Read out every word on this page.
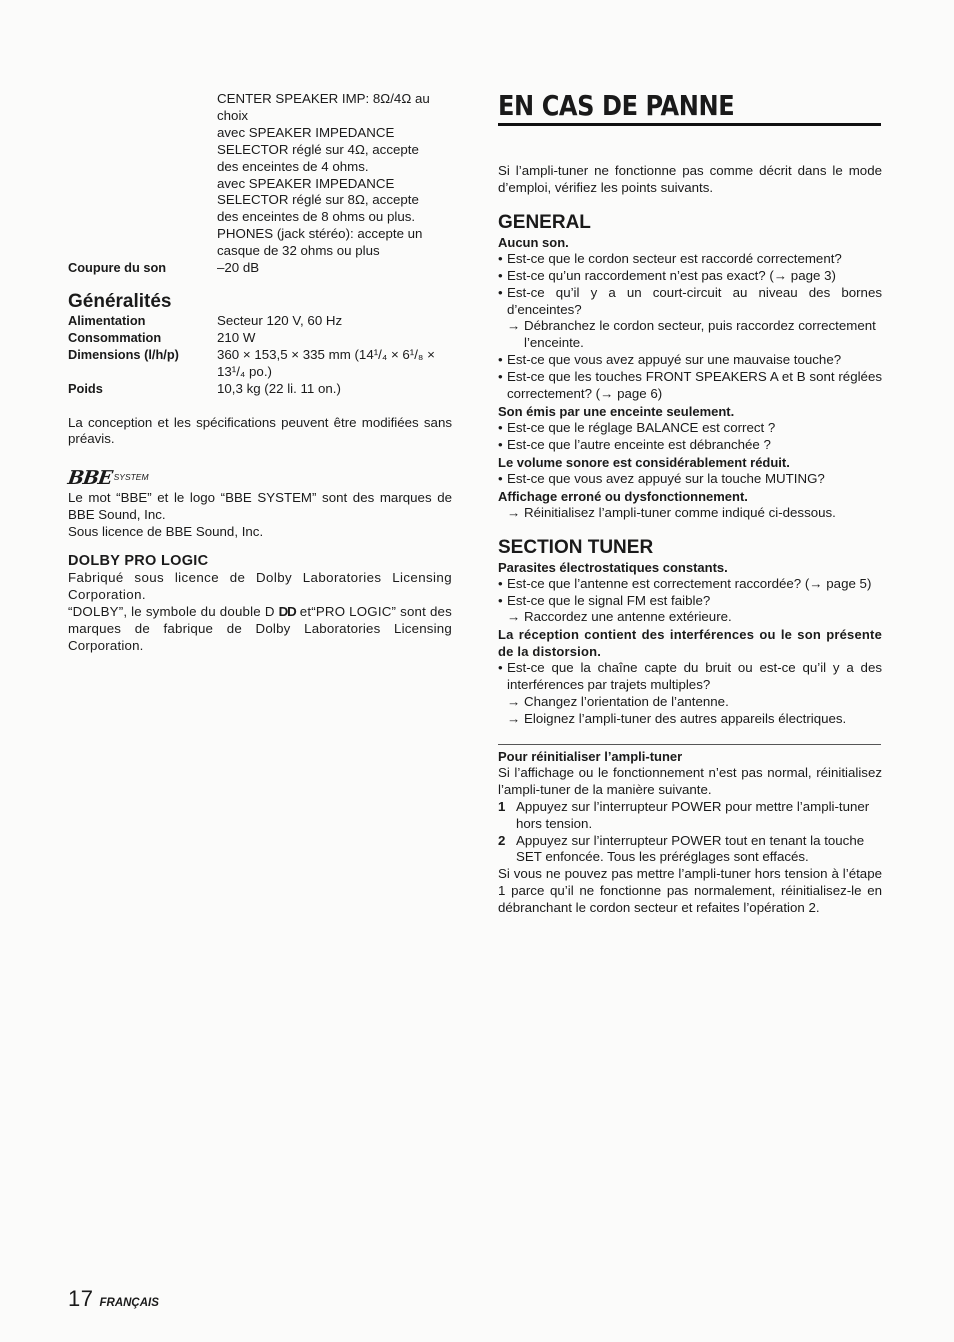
CENTER SPEAKER IMP: 8Ω/4Ω au
choix
avec SPEAKER IMPEDANCE
SELECTOR réglé sur 4Ω, accepte
des enceintes de 4 ohms.
avec SPEAKER IMPEDANCE
SELECTOR réglé sur 8Ω, accepte
des enceintes de 8 ohms ou plus.
PHONES (jack stéréo): accepte un
casque de 32 ohms ou plus
Coupure du son	–20 dB
Généralités
Alimentation	Secteur 120 V, 60 Hz
Consommation	210 W
Dimensions (l/h/p)	360 × 153,5 × 335 mm (14¹/₄ × 6¹/₈ ×
13¹/₄ po.)
Poids	10,3 kg (22 li. 11 on.)

La conception et les spécifications peuvent être modifiées sans préavis.

BBE SYSTEM

Le mot “BBE” et le logo “BBE SYSTEM” sont des marques de BBE Sound, Inc.

Sous licence de BBE Sound, Inc.

DOLBY PRO LOGIC

Fabriqué sous licence de Dolby Laboratories Licensing Corporation.

“DOLBY”, le symbole du double D DD et“PRO LOGIC” sont des marques de fabrique de Dolby Laboratories Licensing Corporation.

EN CAS DE PANNE

Si l’ampli-tuner ne fonctionne pas comme décrit dans le mode d’emploi, vérifiez les points suivants.

GENERAL
Aucun son.
• Est-ce que le cordon secteur est raccordé correctement?
• Est-ce qu’un raccordement n’est pas exact? (→ page 3)
• Est-ce qu’il y a un court-circuit au niveau des bornes d’enceintes?
→ Débranchez le cordon secteur, puis raccordez correctement l’enceinte.
• Est-ce que vous avez appuyé sur une mauvaise touche?
• Est-ce que les touches FRONT SPEAKERS A et B sont réglées correctement? (→ page 6)
Son émis par une enceinte seulement.
• Est-ce que le réglage BALANCE est correct ?
• Est-ce que l’autre enceinte est débranchée ?
Le volume sonore est considérablement réduit.
• Est-ce que vous avez appuyé sur la touche MUTING?
Affichage erroné ou dysfonctionnement.
→ Réinitialisez l’ampli-tuner comme indiqué ci-dessous.
SECTION TUNER
Parasites électrostatiques constants.
• Est-ce que l’antenne est correctement raccordée? (→ page 5)
• Est-ce que le signal FM est faible?
→ Raccordez une antenne extérieure.
La réception contient des interférences ou le son présente de la distorsion.
• Est-ce que la chaîne capte du bruit ou est-ce qu’il y a des interférences par trajets multiples?
→ Changez l’orientation de l’antenne.
→ Eloignez l’ampli-tuner des autres appareils électriques.
Pour réinitialiser l’ampli-tuner

Si l’affichage ou le fonctionnement n’est pas normal, réinitialisez l’ampli-tuner de la manière suivante.

1 Appuyez sur l’interrupteur POWER pour mettre l’ampli-tuner hors tension.
2 Appuyez sur l’interrupteur POWER tout en tenant la touche SET enfoncée. Tous les préréglages sont effacés.

Si vous ne pouvez pas mettre l’ampli-tuner hors tension à l’étape 1 parce qu’il ne fonctionne pas normalement, réinitialisez-le en débranchant le cordon secteur et refaites l’opération 2.

17 FRANÇAIS
